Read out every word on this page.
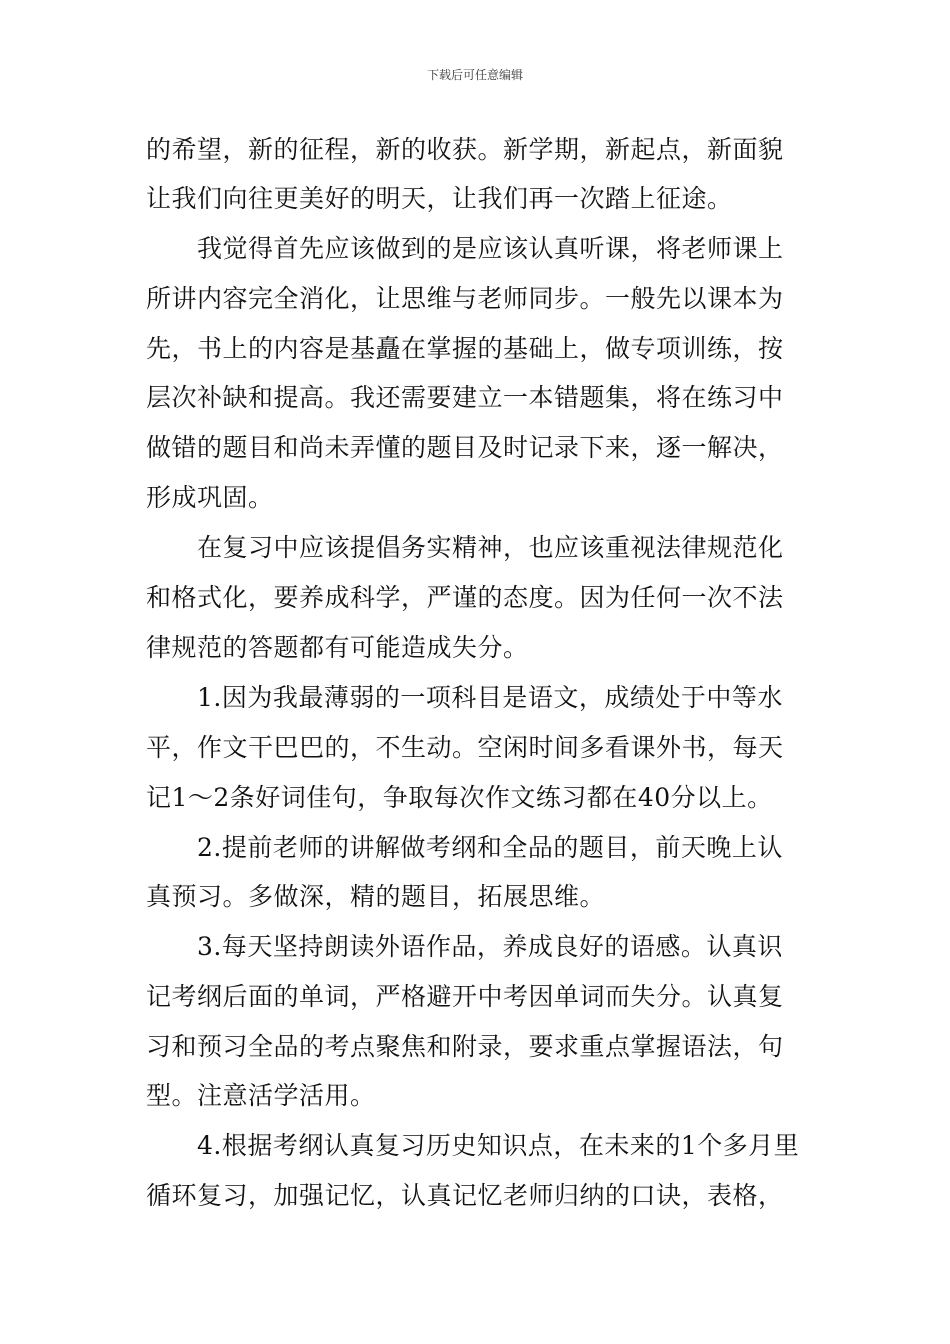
下载后可任意编辑
的希望，新的征程，新的收获。新学期，新起点，新面貌
让我们向往更美好的明天，让我们再一次踏上征途。
　　我觉得首先应该做到的是应该认真听课，将老师课上
所讲内容完全消化，让思维与老师同步。一般先以课本为
先，书上的内容是基矗在掌握的基础上，做专项训练，按
层次补缺和提高。我还需要建立一本错题集，将在练习中
做错的题目和尚未弄懂的题目及时记录下来，逐一解决，
形成巩固。
　　在复习中应该提倡务实精神，也应该重视法律规范化
和格式化，要养成科学，严谨的态度。因为任何一次不法
律规范的答题都有可能造成失分。
　　1.因为我最薄弱的一项科目是语文，成绩处于中等水
平，作文干巴巴的，不生动。空闲时间多看课外书，每天
记1～2条好词佳句，争取每次作文练习都在40分以上。
　　2.提前老师的讲解做考纲和全品的题目，前天晚上认
真预习。多做深，精的题目，拓展思维。
　　3.每天坚持朗读外语作品，养成良好的语感。认真识
记考纲后面的单词，严格避开中考因单词而失分。认真复
习和预习全品的考点聚焦和附录，要求重点掌握语法，句
型。注意活学活用。
　　4.根据考纲认真复习历史知识点，在未来的1个多月里
循环复习，加强记忆，认真记忆老师归纳的口诀，表格，
